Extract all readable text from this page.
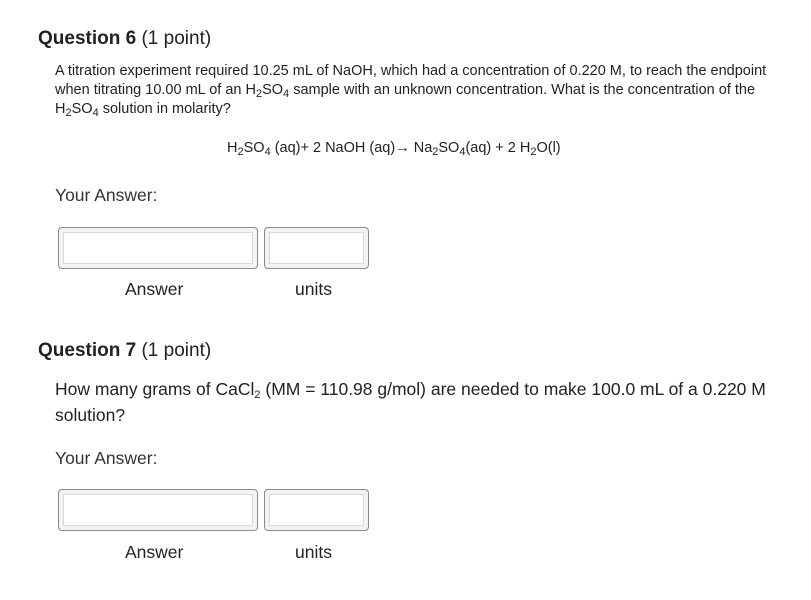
Question 6 (1 point)
A titration experiment required 10.25 mL of NaOH, which had a concentration of 0.220 M, to reach the endpoint when titrating 10.00 mL of an $H_2SO_4$ sample with an unknown concentration. What is the concentration of the $H_2SO_4$ solution in molarity?
$H_2SO_4$ (aq)+ 2 NaOH $(aq)\to Na_2SO_4(aq) + 2$ $H_2O(l)$
Your Answer:
Answer	units
Question 7 (1 point)
How many grams of CaCl$_2$ (MM = 110.98 g/mol) are needed to make 100.0 mL of a 0.220 M solution?
Your Answer:
Answer	units
